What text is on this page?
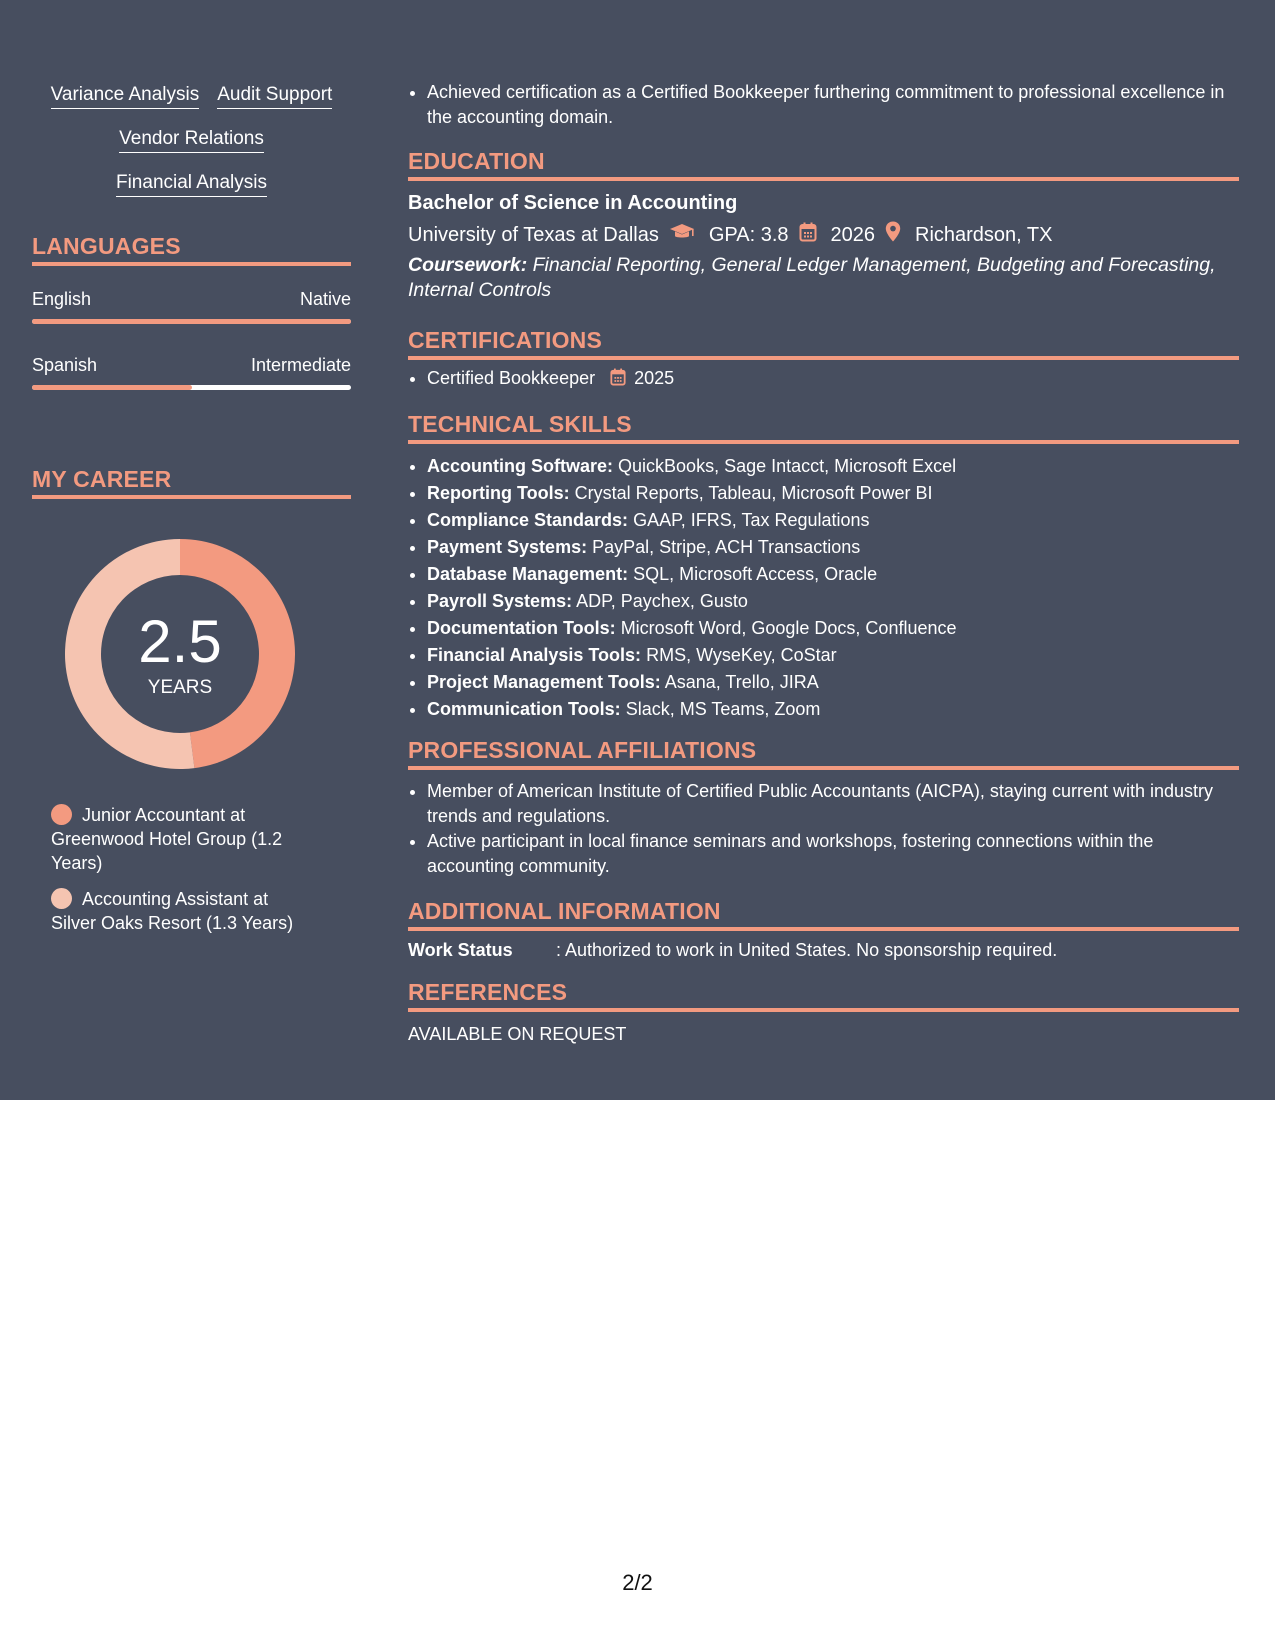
Variance Analysis Audit Support
Vendor Relations
Financial Analysis
LANGUAGES
English	Native
Spanish	Intermediate
MY CAREER
2.5
YEARS
Junior Accountant at Greenwood Hotel Group (1.2 Years)
Accounting Assistant at Silver Oaks Resort (1.3 Years)
• Achieved certification as a Certified Bookkeeper furthering commitment to professional excellence in the accounting domain.
EDUCATION
Bachelor of Science in Accounting
University of Texas at Dallas	GPA: 3.8 2026 Richardson, TX
Coursework: Financial Reporting, General Ledger Management, Budgeting and Forecasting, Internal Controls
CERTIFICATIONS
• Certified Bookkeeper 2025
TECHNICAL SKILLS
• Accounting Software: QuickBooks, Sage Intacct, Microsoft Excel
• Reporting Tools: Crystal Reports, Tableau, Microsoft Power BI
• Compliance Standards: GAAP, IFRS, Tax Regulations
• Payment Systems: PayPal, Stripe, ACH Transactions
• Database Management: SQL, Microsoft Access, Oracle
• Payroll Systems: ADP, Paychex, Gusto
• Documentation Tools: Microsoft Word, Google Docs, Confluence
• Financial Analysis Tools: RMS, WyseKey, CoStar
• Project Management Tools: Asana, Trello, JIRA
• Communication Tools: Slack, MS Teams, Zoom
PROFESSIONAL AFFILIATIONS
• Member of American Institute of Certified Public Accountants (AICPA), staying current with industry trends and regulations.
• Active participant in local finance seminars and workshops, fostering connections within the accounting community.
ADDITIONAL INFORMATION
Work Status	: Authorized to work in United States. No sponsorship required.
REFERENCES
AVAILABLE ON REQUEST
2/2
